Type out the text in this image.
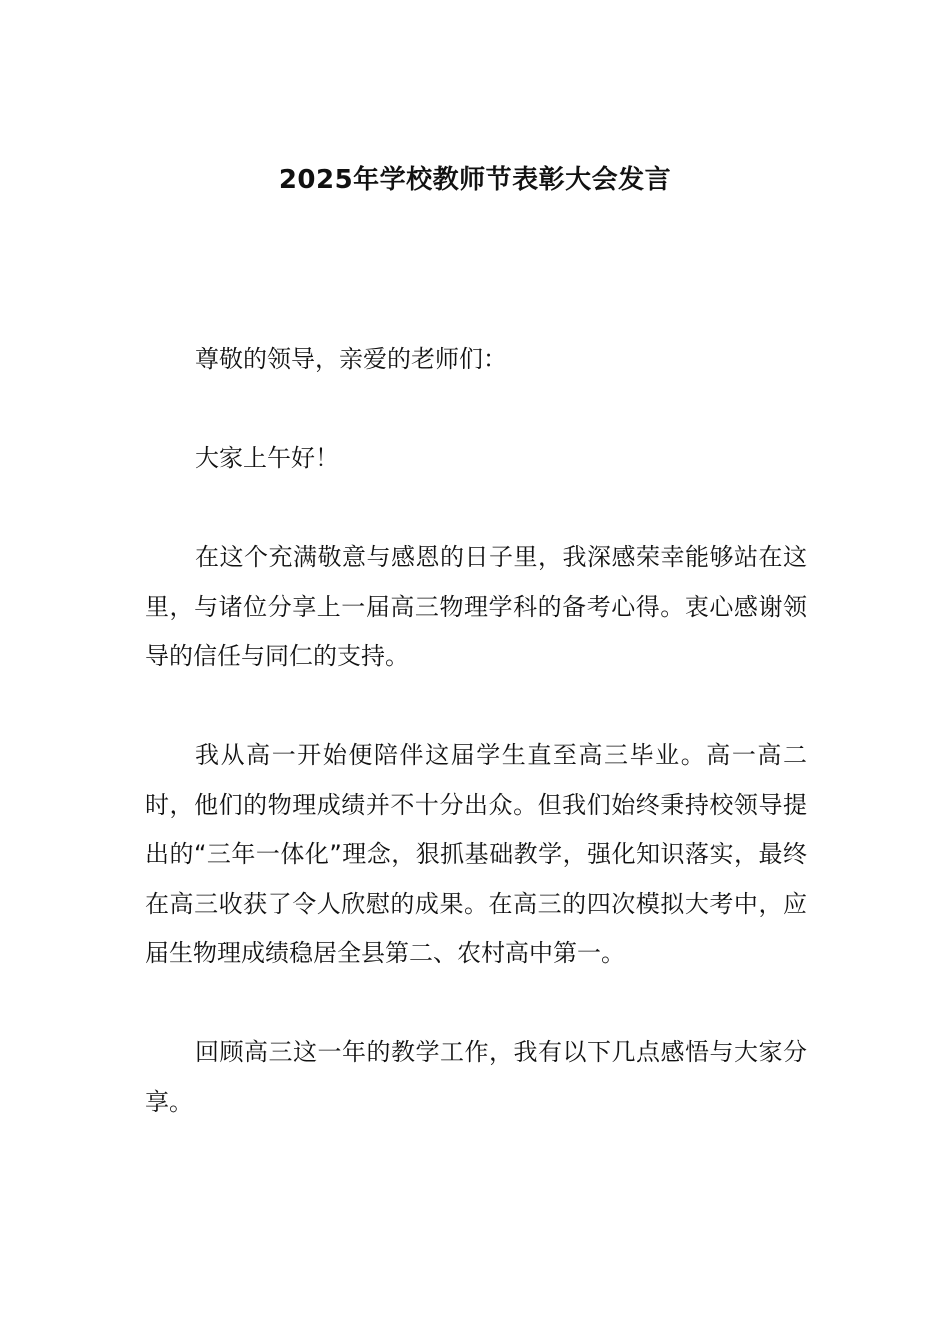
2025年学校教师节表彰大会发言

尊敬的领导，亲爱的老师们：

大家上午好！

在这个充满敬意与感恩的日子里，我深感荣幸能够站在这里，与诸位分享上一届高三物理学科的备考心得。衷心感谢领导的信任与同仁的支持。

我从高一开始便陪伴这届学生直至高三毕业。高一高二时，他们的物理成绩并不十分出众。但我们始终秉持校领导提出的“三年一体化”理念，狠抓基础教学，强化知识落实，最终在高三收获了令人欣慰的成果。在高三的四次模拟大考中，应届生物理成绩稳居全县第二、农村高中第一。

回顾高三这一年的教学工作，我有以下几点感悟与大家分享。
